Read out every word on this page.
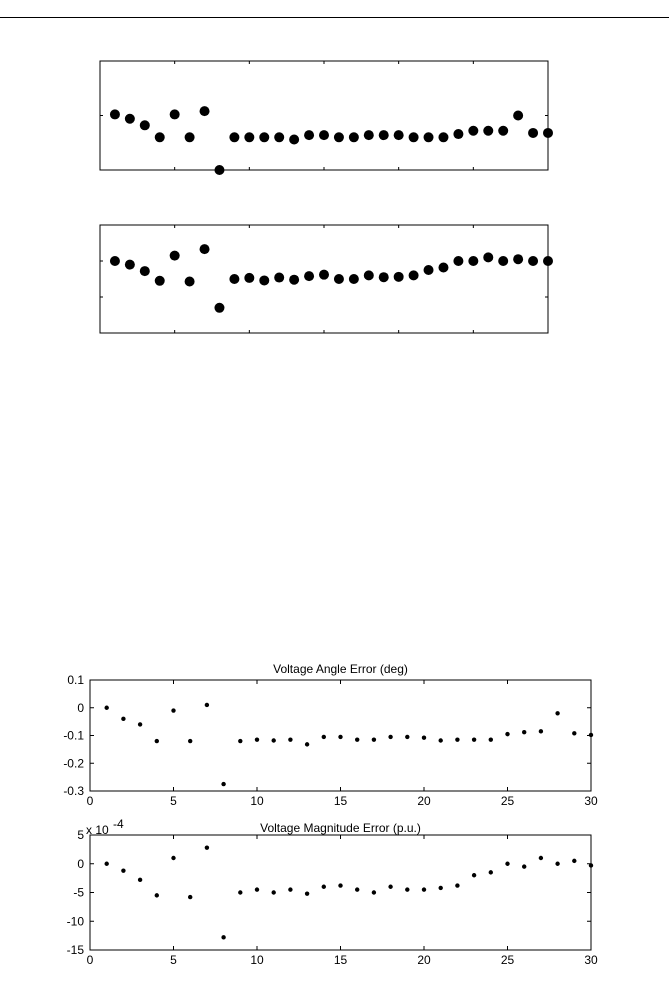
0	5	10	15	20	25	30
0.1
0
-0.1
-0.2
-0.3
Voltage Angle Error (deg)
0	5	10	15	20	25	30
5
0
-5
-10
-15
Voltage Magnitude Error (p.u.)
x 10 -4
